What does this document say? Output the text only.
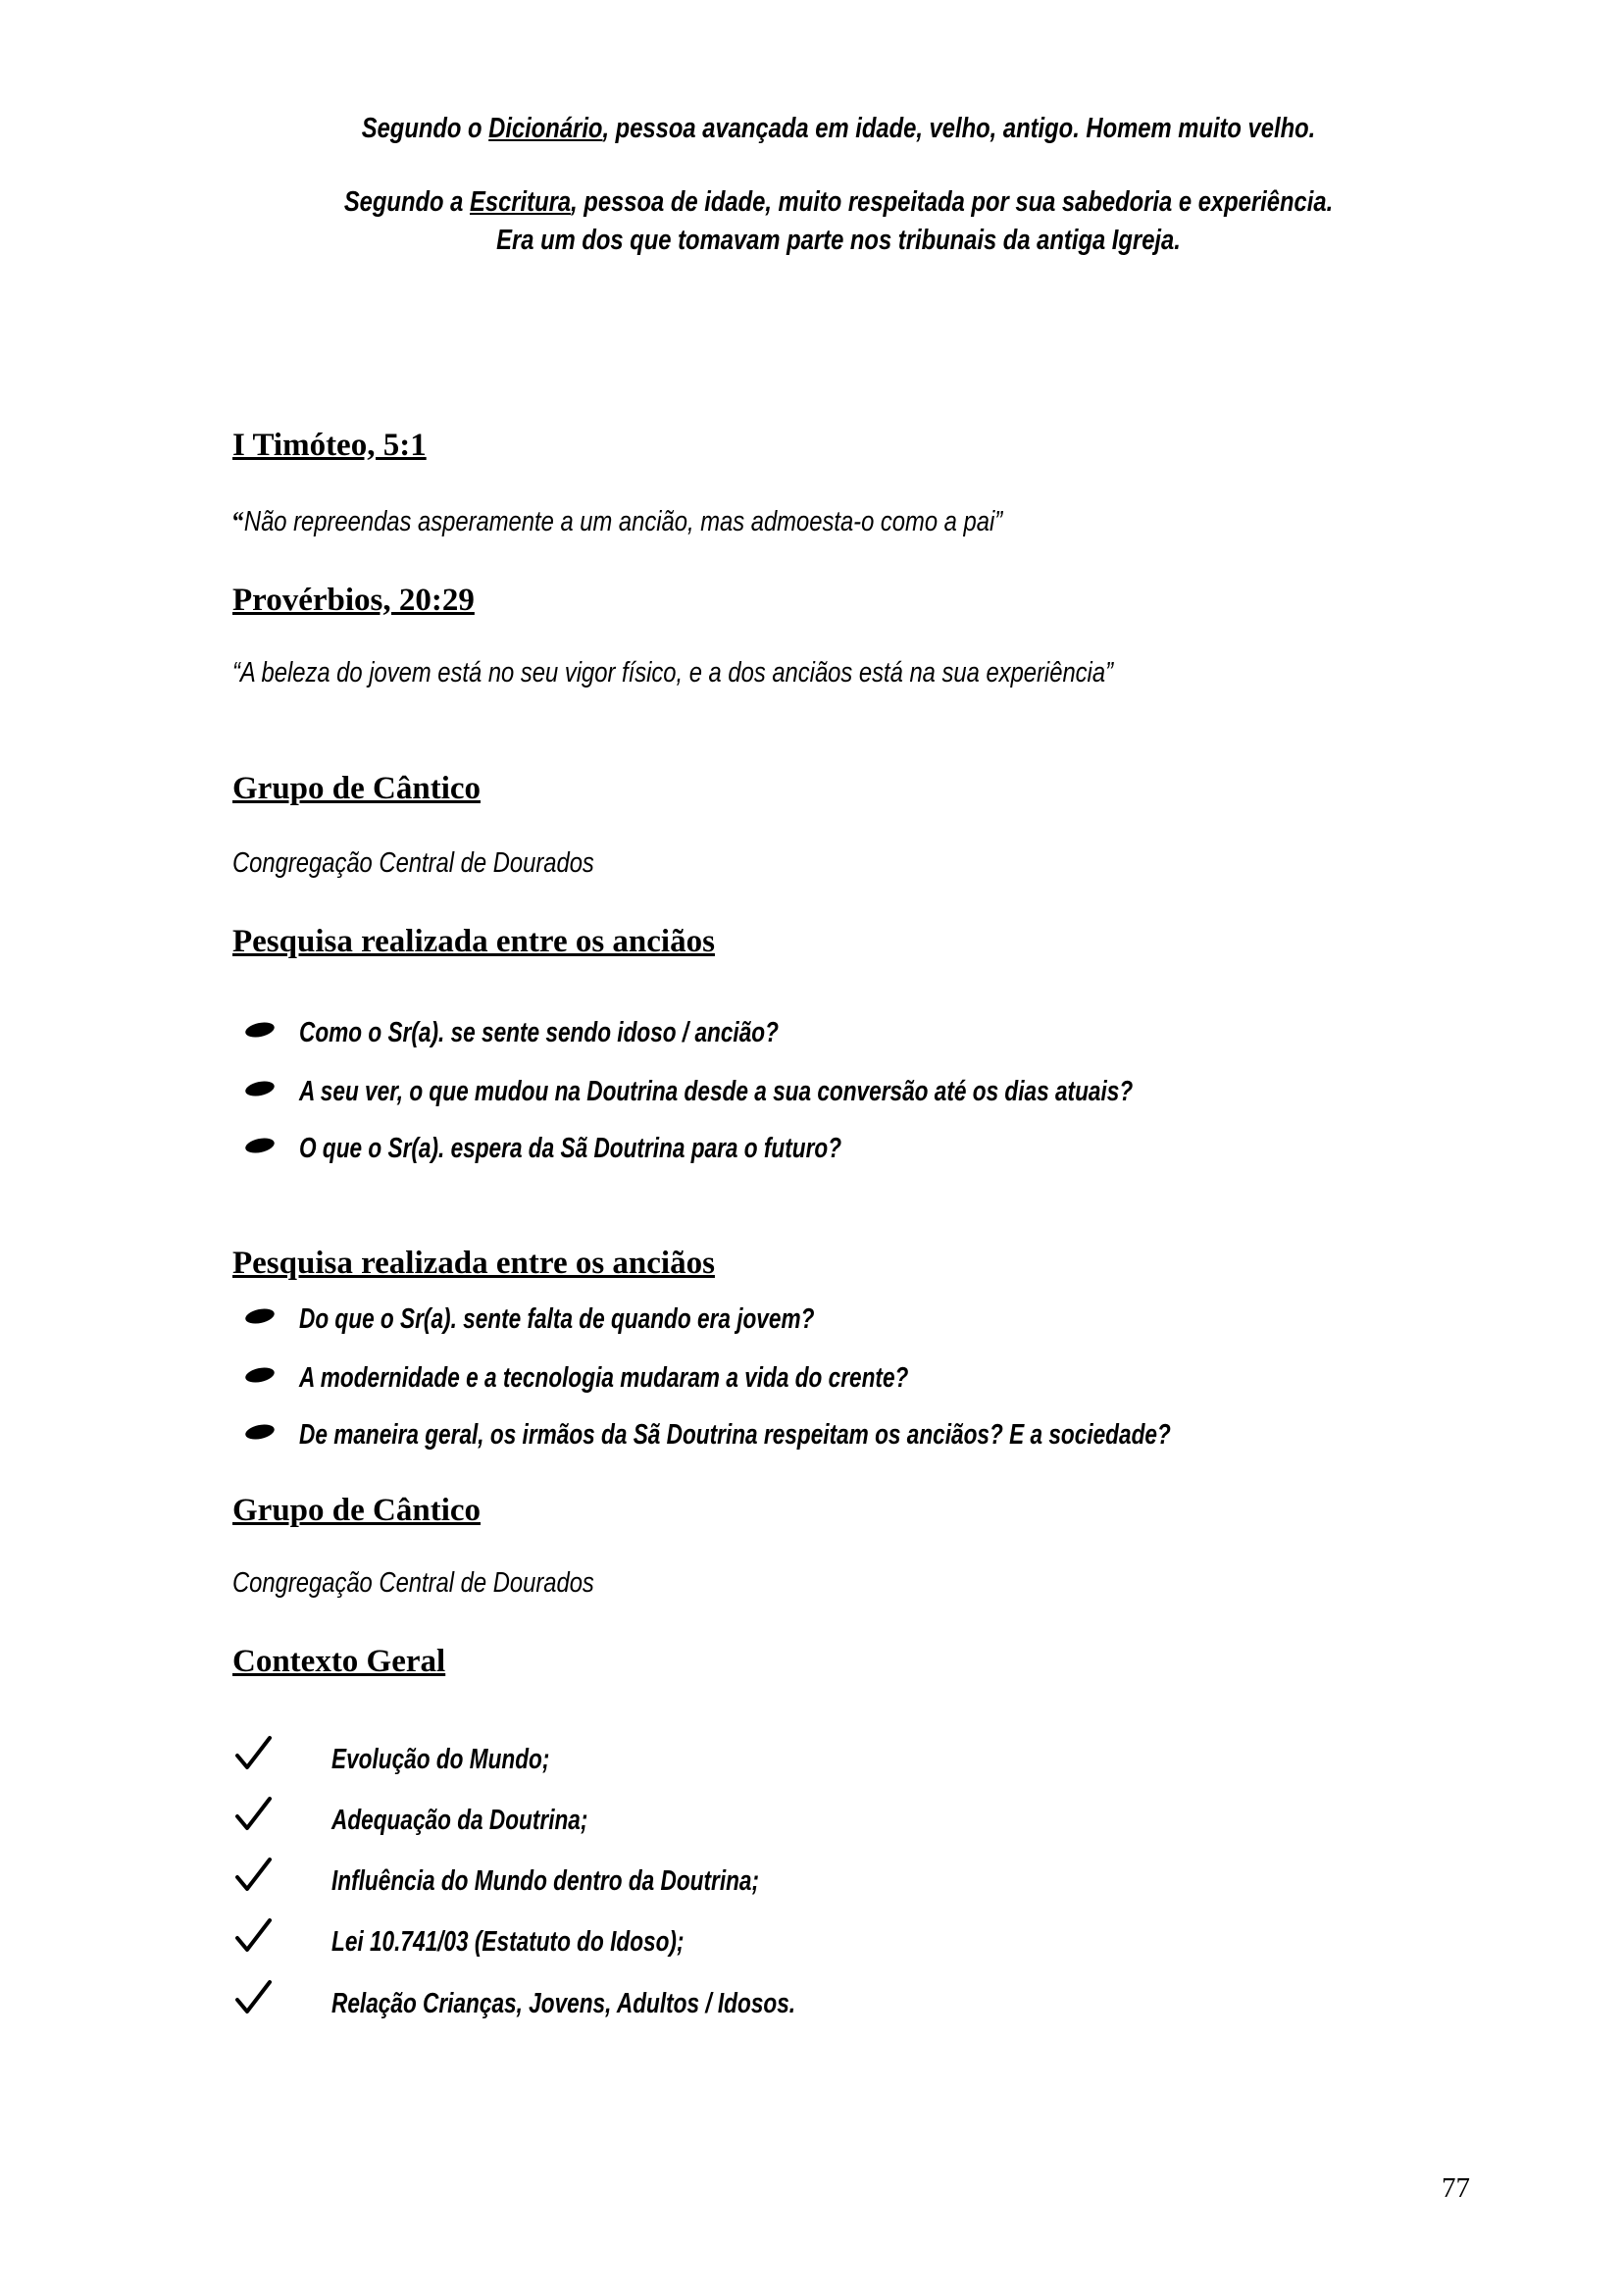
Segundo o Dicionário, pessoa avançada em idade, velho, antigo. Homem muito velho.
Segundo a Escritura, pessoa de idade, muito respeitada por sua sabedoria e experiência. Era um dos que tomavam parte nos tribunais da antiga Igreja.
I Timóteo, 5:1
“Não repreendas asperamente a um ancião, mas admoesta-o como a pai”
Provérbios, 20:29
“A beleza do jovem está no seu vigor físico, e a dos anciãos está na sua experiência”
Grupo de Cântico
Congregação Central de Dourados
Pesquisa realizada entre os anciãos
Como o Sr(a). se sente sendo idoso / ancião?
A seu ver, o que mudou na Doutrina desde a sua conversão até os dias atuais?
O que o Sr(a). espera da Sã Doutrina para o futuro?
Pesquisa realizada entre os anciãos
Do que o Sr(a). sente falta de quando era jovem?
A modernidade e a tecnologia mudaram a vida do crente?
De maneira geral, os irmãos da Sã Doutrina respeitam os anciãos? E a sociedade?
Grupo de Cântico
Congregação Central de Dourados
Contexto Geral
Evolução do Mundo;
Adequação da Doutrina;
Influência do Mundo dentro da Doutrina;
Lei 10.741/03 (Estatuto do Idoso);
Relação Crianças, Jovens, Adultos / Idosos.
77
